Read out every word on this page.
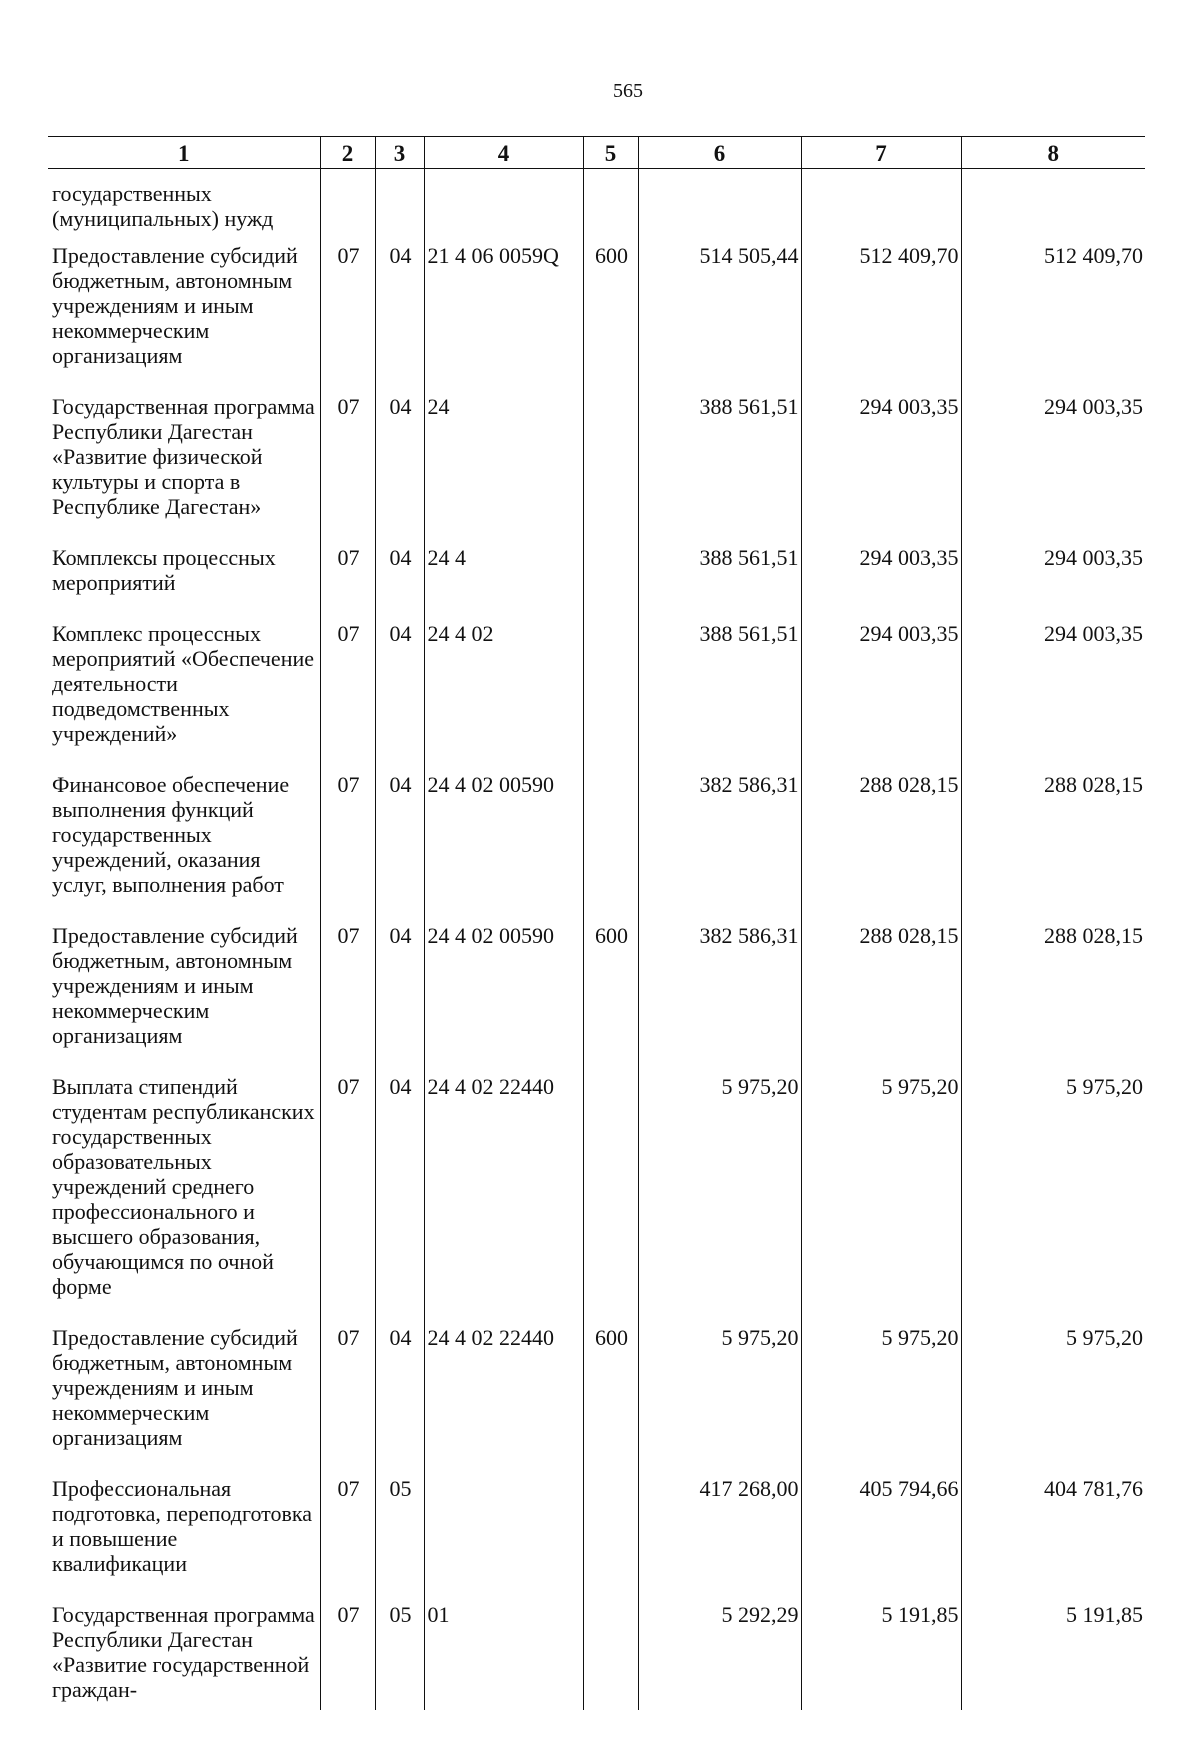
565
1	2	3	4	5	6	7	8
государственных (муниципальных) нужд							
Предоставление субсидий бюджетным, автономным учреждениям и иным некоммерческим организациям	07	04	21 4 06 0059Q	600	514 505,44	512 409,70	512 409,70
Государственная программа Республики Дагестан «Развитие физической культуры и спорта в Республике Дагестан»	07	04	24		388 561,51	294 003,35	294 003,35
Комплексы процессных мероприятий	07	04	24 4		388 561,51	294 003,35	294 003,35
Комплекс процессных мероприятий «Обеспечение деятельности подведомственных учреждений»	07	04	24 4 02		388 561,51	294 003,35	294 003,35
Финансовое обеспечение выполнения функций государственных учреждений, оказания услуг, выполнения работ	07	04	24 4 02 00590		382 586,31	288 028,15	288 028,15
Предоставление субсидий бюджетным, автономным учреждениям и иным некоммерческим организациям	07	04	24 4 02 00590	600	382 586,31	288 028,15	288 028,15
Выплата стипендий студентам республиканских государственных образовательных учреждений среднего профессионального и высшего образования, обучающимся по очной форме	07	04	24 4 02 22440		5 975,20	5 975,20	5 975,20
Предоставление субсидий бюджетным, автономным учреждениям и иным некоммерческим организациям	07	04	24 4 02 22440	600	5 975,20	5 975,20	5 975,20
Профессиональная подготовка, переподготовка и повышение квалификации	07	05			417 268,00	405 794,66	404 781,76
Государственная программа Республики Дагестан «Развитие государственной граждан-	07	05	01		5 292,29	5 191,85	5 191,85
